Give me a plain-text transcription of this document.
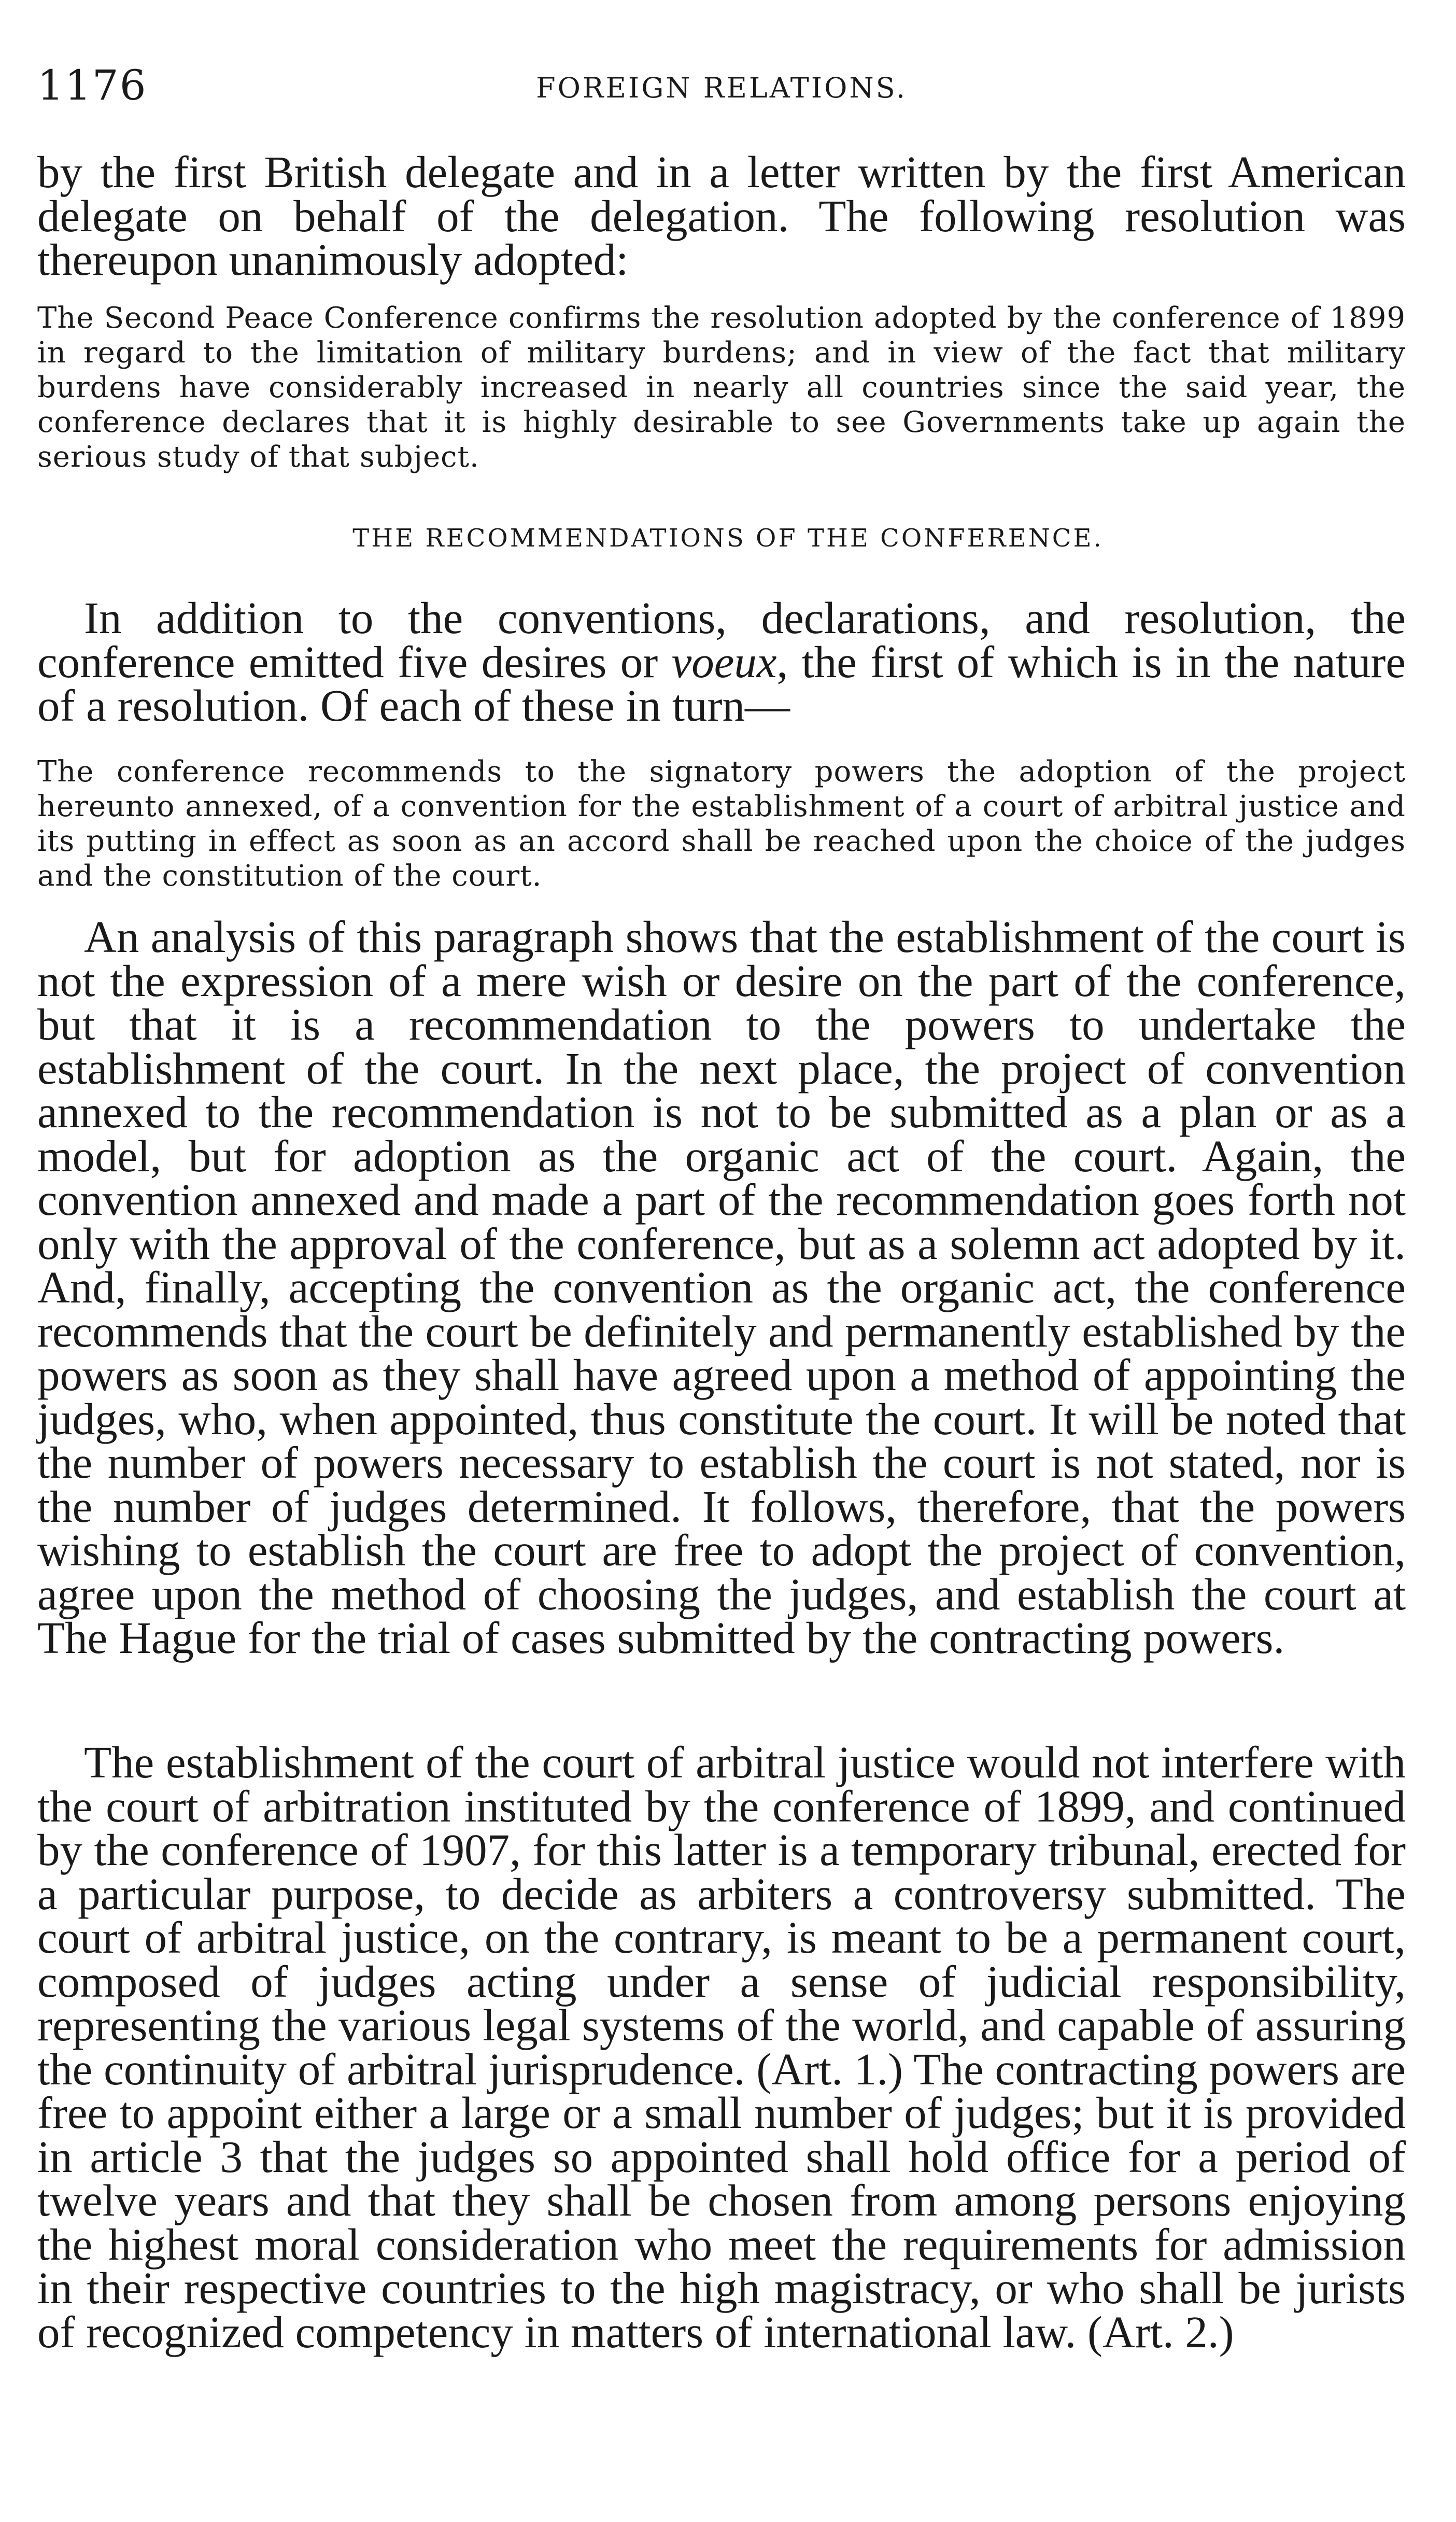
1176	FOREIGN RELATIONS.

by the first British delegate and in a letter written by the first American delegate on behalf of the delegation. The following resolution was thereupon unanimously adopted:

The Second Peace Conference confirms the resolution adopted by the conference of 1899 in regard to the limitation of military burdens; and in view of the fact that military burdens have considerably increased in nearly all countries since the said year, the conference declares that it is highly desirable to see Governments take up again the serious study of that subject.

THE RECOMMENDATIONS OF THE CONFERENCE.

In addition to the conventions, declarations, and resolution, the conference emitted five desires or voeux, the first of which is in the nature of a resolution. Of each of these in turn—

The conference recommends to the signatory powers the adoption of the project hereunto annexed, of a convention for the establishment of a court of arbitral justice and its putting in effect as soon as an accord shall be reached upon the choice of the judges and the constitution of the court.

An analysis of this paragraph shows that the establishment of the court is not the expression of a mere wish or desire on the part of the conference, but that it is a recommendation to the powers to undertake the establishment of the court. In the next place, the project of convention annexed to the recommendation is not to be submitted as a plan or as a model, but for adoption as the organic act of the court. Again, the convention annexed and made a part of the recommendation goes forth not only with the approval of the conference, but as a solemn act adopted by it. And, finally, accepting the convention as the organic act, the conference recommends that the court be definitely and permanently established by the powers as soon as they shall have agreed upon a method of appointing the judges, who, when appointed, thus constitute the court. It will be noted that the number of powers necessary to establish the court is not stated, nor is the number of judges determined. It follows, therefore, that the powers wishing to establish the court are free to adopt the project of convention, agree upon the method of choosing the judges, and establish the court at The Hague for the trial of cases submitted by the contracting powers.

The establishment of the court of arbitral justice would not interfere with the court of arbitration instituted by the conference of 1899, and continued by the conference of 1907, for this latter is a temporary tribunal, erected for a particular purpose, to decide as arbiters a controversy submitted. The court of arbitral justice, on the contrary, is meant to be a permanent court, composed of judges acting under a sense of judicial responsibility, representing the various legal systems of the world, and capable of assuring the continuity of arbitral jurisprudence. (Art. 1.) The contracting powers are free to appoint either a large or a small number of judges; but it is provided in article 3 that the judges so appointed shall hold office for a period of twelve years and that they shall be chosen from among persons enjoying the highest moral consideration who meet the requirements for admission in their respective countries to the high magistracy, or who shall be jurists of recognized competency in matters of international law. (Art. 2.)
